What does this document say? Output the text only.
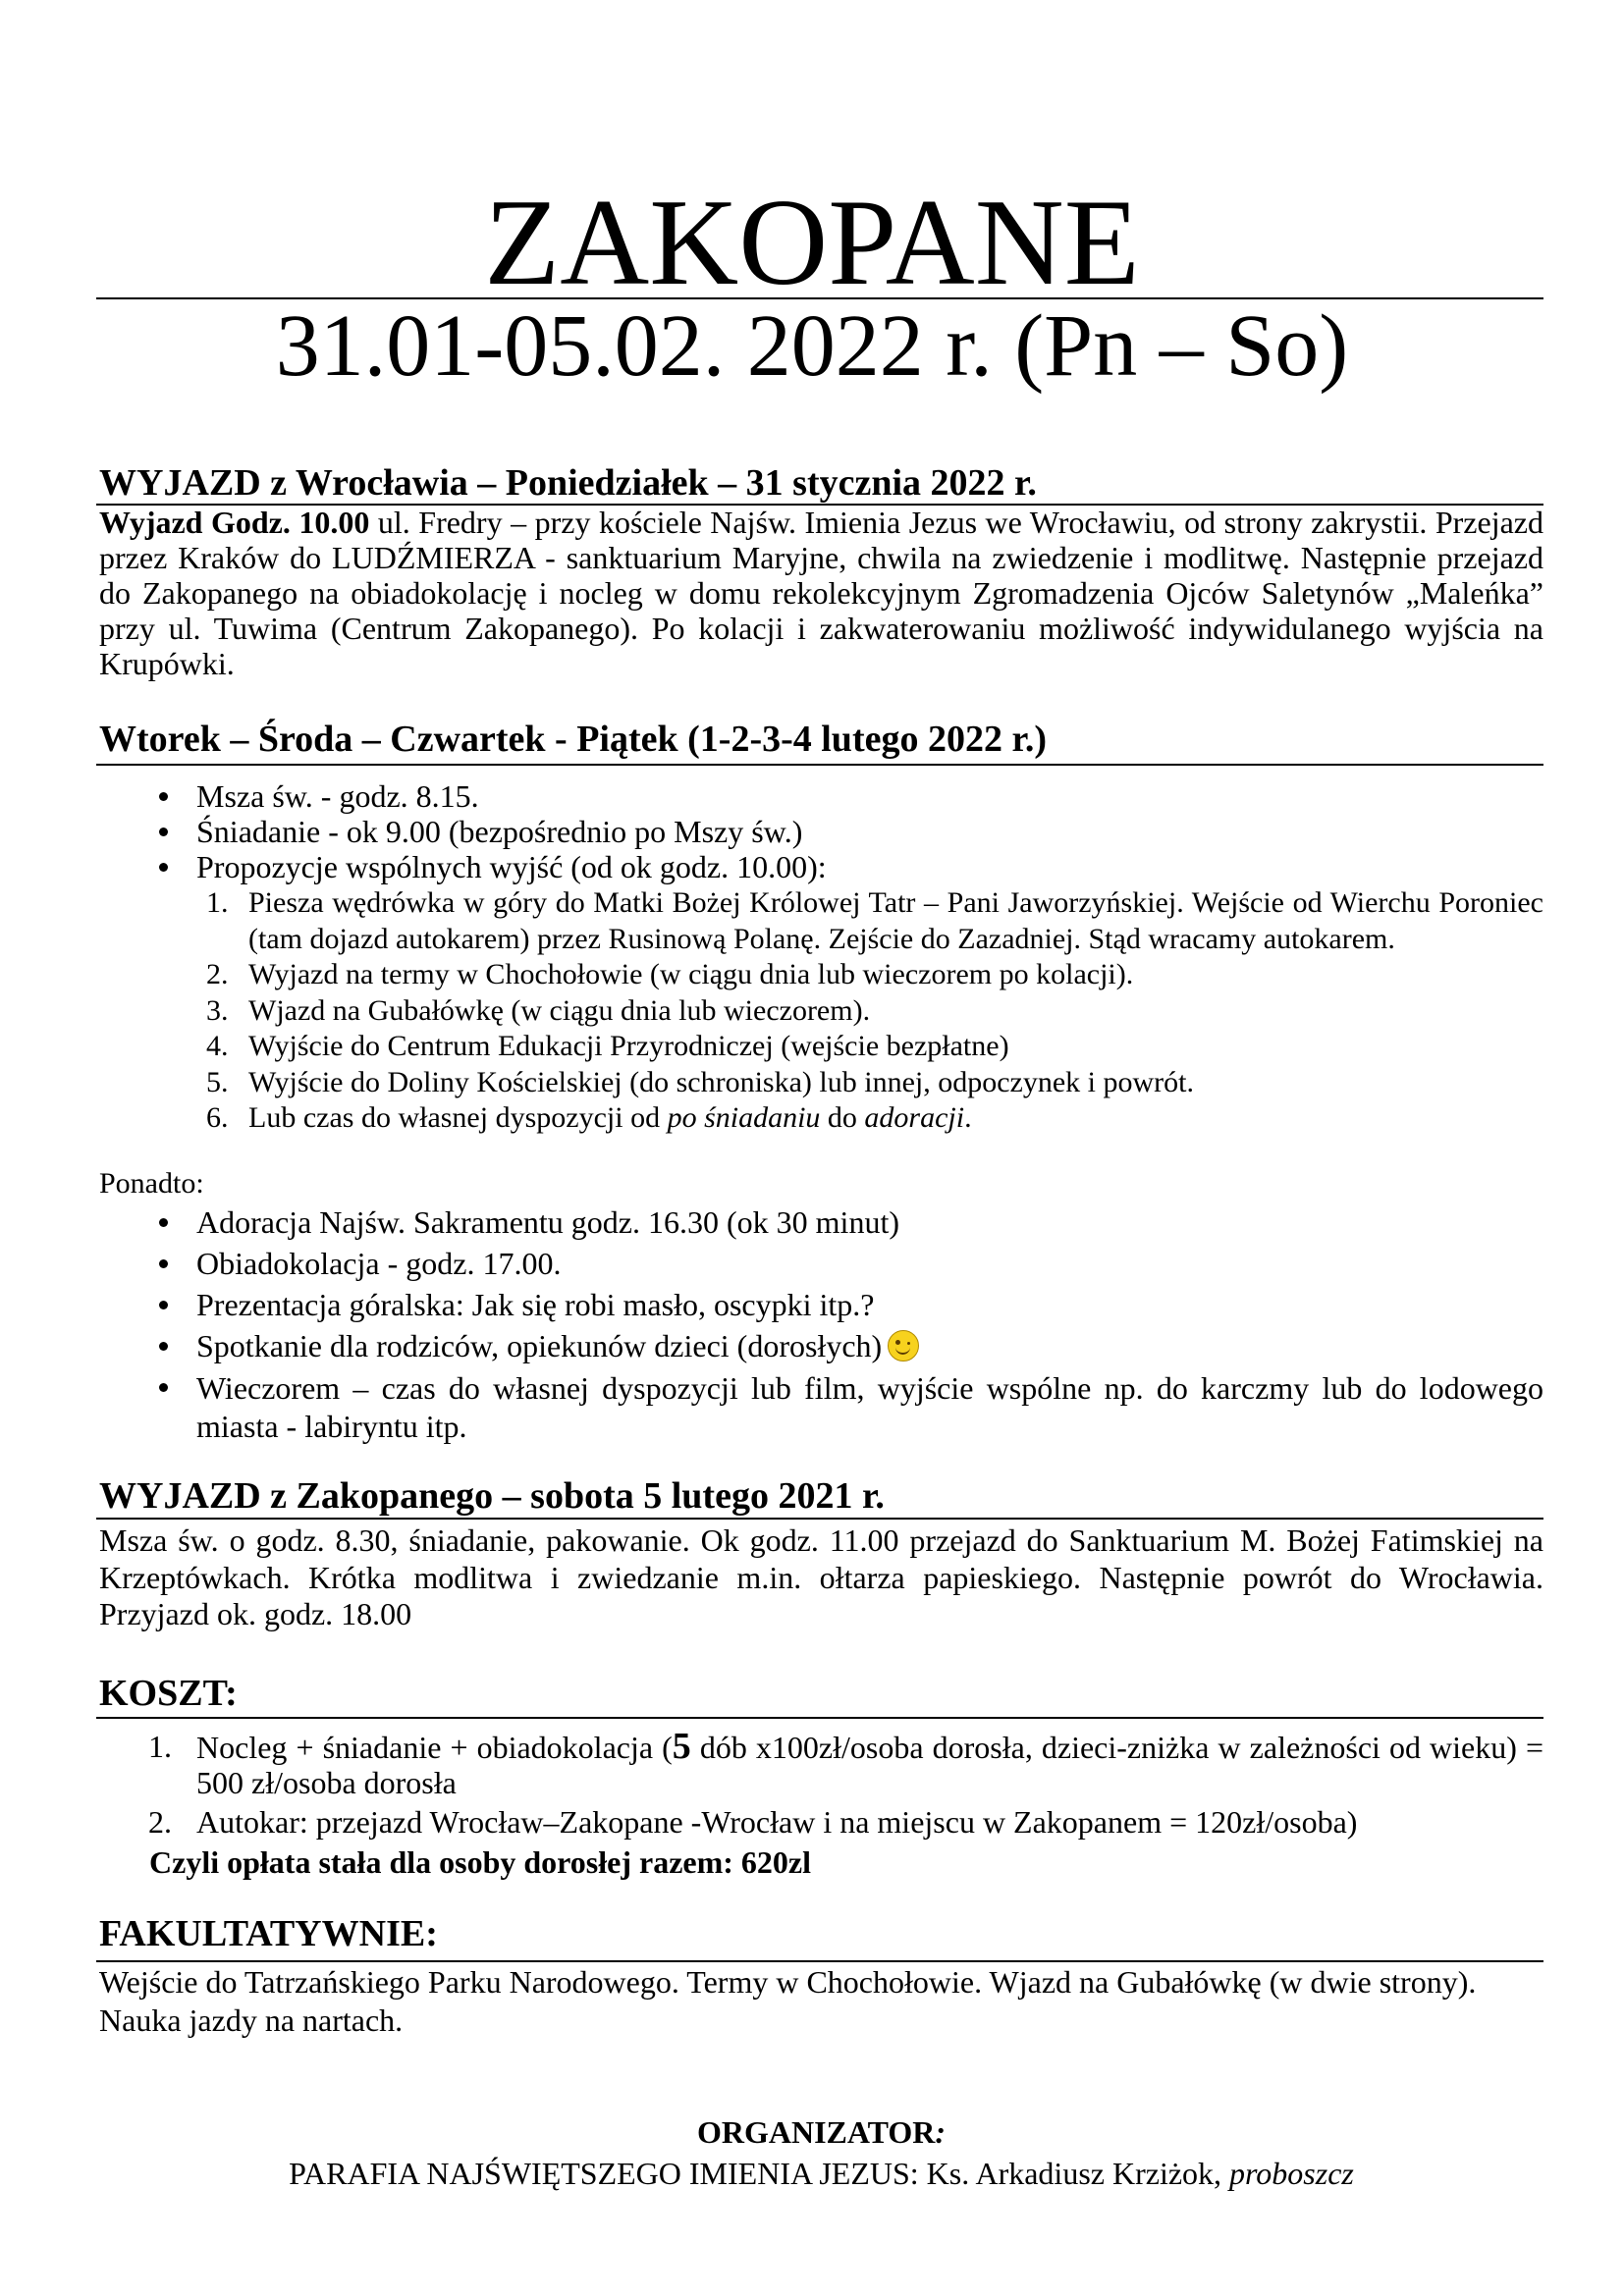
ZAKOPANE
31.01-05.02. 2022 r. (Pn – So)
WYJAZD z Wrocławia – Poniedziałek – 31 stycznia 2022 r.
Wyjazd Godz. 10.00 ul. Fredry – przy kościele Najśw. Imienia Jezus we Wrocławiu, od strony zakrystii. Przejazd przez Kraków do LUDŹMIERZA - sanktuarium Maryjne, chwila na zwiedzenie i modlitwę. Następnie przejazd do Zakopanego na obiadokolację i nocleg w domu rekolekcyjnym Zgromadzenia Ojców Saletynów „Maleńka” przy ul. Tuwima (Centrum Zakopanego). Po kolacji i zakwaterowaniu możliwość indywidulanego wyjścia na Krupówki.
Wtorek – Środa – Czwartek - Piątek (1-2-3-4 lutego 2022 r.)
Msza św. - godz. 8.15.
Śniadanie - ok 9.00 (bezpośrednio po Mszy św.)
Propozycje wspólnych wyjść (od ok godz. 10.00):
1. Piesza wędrówka w góry do Matki Bożej Królowej Tatr – Pani Jaworzyńskiej. Wejście od Wierchu Poroniec (tam dojazd autokarem) przez Rusinową Polanę. Zejście do Zazadniej. Stąd wracamy autokarem.
2. Wyjazd na termy w Chochołowie (w ciągu dnia lub wieczorem po kolacji).
3. Wjazd na Gubałówkę (w ciągu dnia lub wieczorem).
4. Wyjście do Centrum Edukacji Przyrodniczej (wejście bezpłatne)
5. Wyjście do Doliny Kościelskiej (do schroniska) lub innej, odpoczynek i powrót.
6. Lub czas do własnej dyspozycji od po śniadaniu do adoracji.
Ponadto:
Adoracja Najśw. Sakramentu godz. 16.30 (ok 30 minut)
Obiadokolacja - godz. 17.00.
Prezentacja góralska: Jak się robi masło, oscypki itp.?
Spotkanie dla rodziców, opiekunów dzieci (dorosłych)
Wieczorem – czas do własnej dyspozycji lub film, wyjście wspólne np. do karczmy lub do lodowego miasta - labiryntu itp.
WYJAZD z Zakopanego – sobota 5 lutego 2021 r.
Msza św. o godz. 8.30, śniadanie, pakowanie. Ok godz. 11.00 przejazd do Sanktuarium M. Bożej Fatimskiej na Krzeptówkach. Krótka modlitwa i zwiedzanie m.in. ołtarza papieskiego. Następnie powrót do Wrocławia. Przyjazd ok. godz. 18.00
KOSZT:
1. Nocleg + śniadanie + obiadokolacja (5 dób x100zł/osoba dorosła, dzieci-zniżka w zależności od wieku) = 500 zł/osoba dorosła
2. Autokar: przejazd Wrocław–Zakopane -Wrocław i na miejscu w Zakopanem = 120zł/osoba)
Czyli opłata stała dla osoby dorosłej razem: 620zl
FAKULTATYWNIE:
Wejście do Tatrzańskiego Parku Narodowego. Termy w Chochołowie. Wjazd na Gubałówkę (w dwie strony). Nauka jazdy na nartach.
ORGANIZATOR:
PARAFIA NAJŚWIĘTSZEGO IMIENIA JEZUS: Ks. Arkadiusz Krziżok, proboszcz
